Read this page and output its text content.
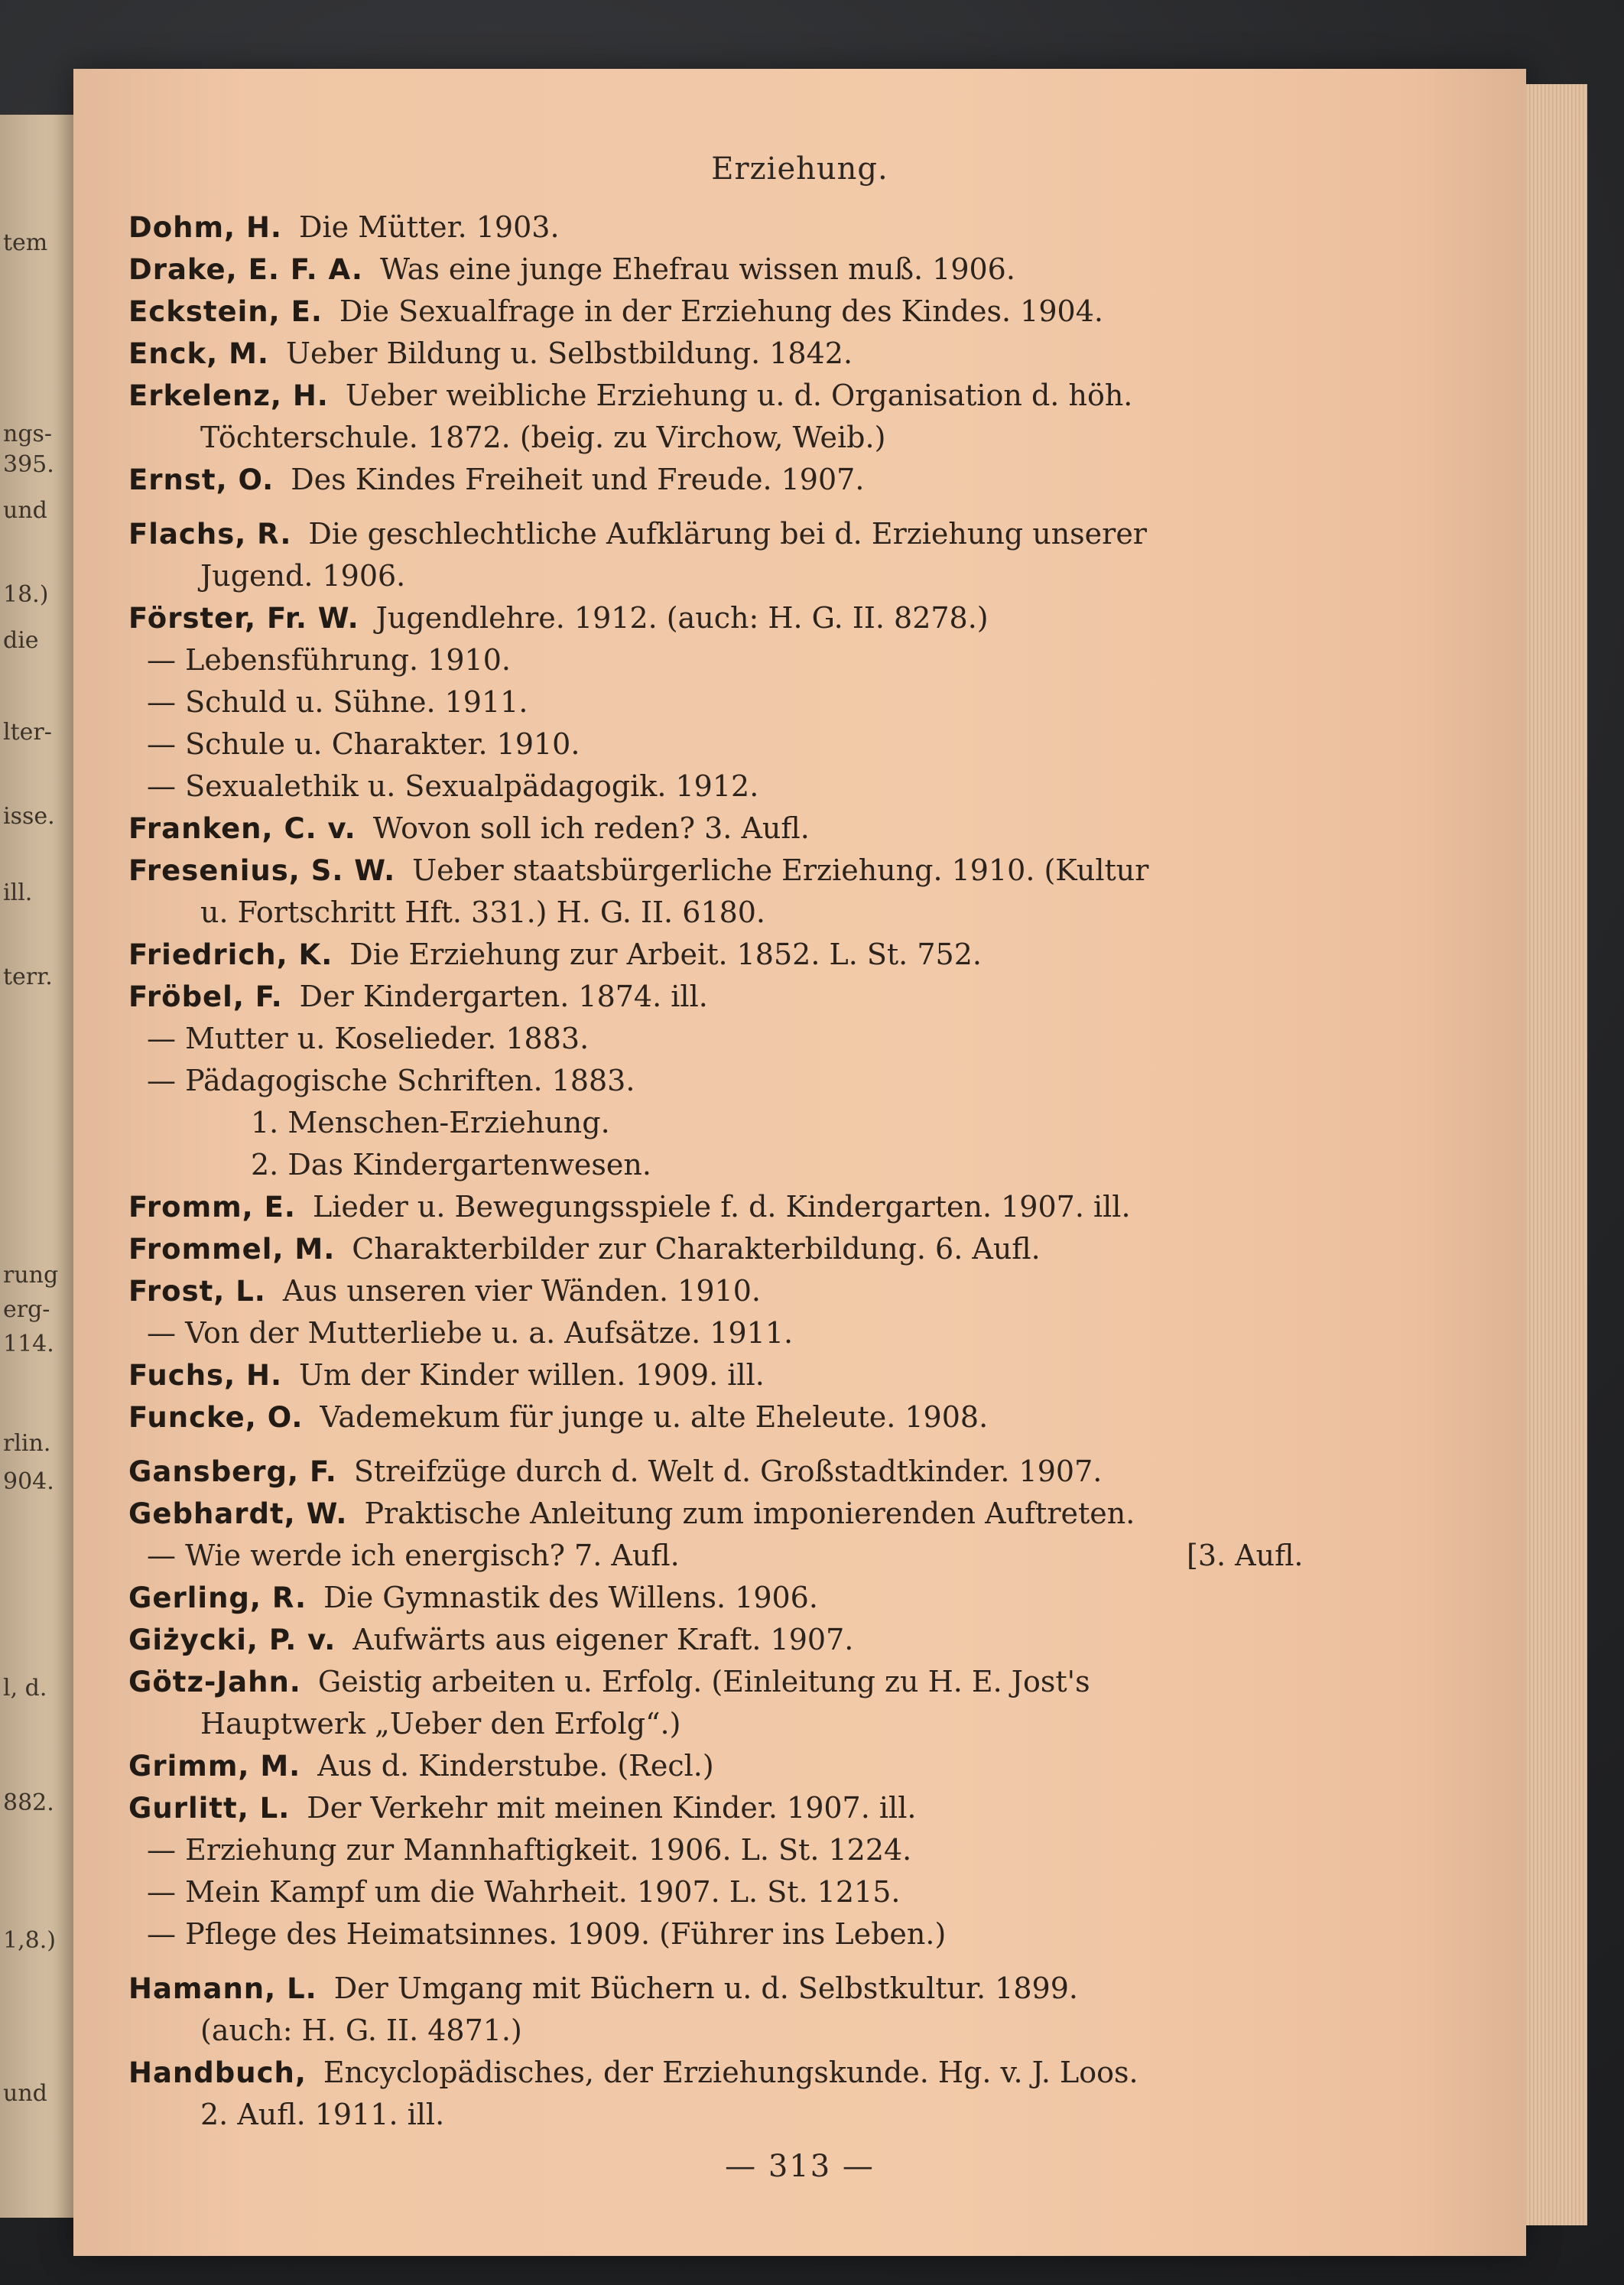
tem
ngs-
395.
und
18.)
die
lter-
isse.
ill.
terr.
rung
erg-
114.
rlin.
904.
l, d.
882.
1,8.)
und
Erziehung.
Dohm, H. Die Mütter. 1903.
Drake, E. F. A. Was eine junge Ehefrau wissen muß. 1906.
Eckstein, E. Die Sexualfrage in der Erziehung des Kindes. 1904.
Enck, M. Ueber Bildung u. Selbstbildung. 1842.
Erkelenz, H. Ueber weibliche Erziehung u. d. Organisation d. höh.
Töchterschule. 1872. (beig. zu Virchow, Weib.)
Ernst, O. Des Kindes Freiheit und Freude. 1907.
Flachs, R. Die geschlechtliche Aufklärung bei d. Erziehung unserer
Jugend. 1906.
Förster, Fr. W. Jugendlehre. 1912. (auch: H. G. II. 8278.)
— Lebensführung. 1910.
— Schuld u. Sühne. 1911.
— Schule u. Charakter. 1910.
— Sexualethik u. Sexualpädagogik. 1912.
Franken, C. v. Wovon soll ich reden? 3. Aufl.
Fresenius, S. W. Ueber staatsbürgerliche Erziehung. 1910. (Kultur
u. Fortschritt Hft. 331.) H. G. II. 6180.
Friedrich, K. Die Erziehung zur Arbeit. 1852. L. St. 752.
Fröbel, F. Der Kindergarten. 1874. ill.
— Mutter u. Koselieder. 1883.
— Pädagogische Schriften. 1883.
1. Menschen-Erziehung.
2. Das Kindergartenwesen.
Fromm, E. Lieder u. Bewegungsspiele f. d. Kindergarten. 1907. ill.
Frommel, M. Charakterbilder zur Charakterbildung. 6. Aufl.
Frost, L. Aus unseren vier Wänden. 1910.
— Von der Mutterliebe u. a. Aufsätze. 1911.
Fuchs, H. Um der Kinder willen. 1909. ill.
Funcke, O. Vademekum für junge u. alte Eheleute. 1908.
Gansberg, F. Streifzüge durch d. Welt d. Großstadtkinder. 1907.
Gebhardt, W. Praktische Anleitung zum imponierenden Auftreten.
— Wie werde ich energisch? 7. Aufl.	[3. Aufl.
Gerling, R. Die Gymnastik des Willens. 1906.
Giżycki, P. v. Aufwärts aus eigener Kraft. 1907.
Götz-Jahn. Geistig arbeiten u. Erfolg. (Einleitung zu H. E. Jost's
Hauptwerk „Ueber den Erfolg“.)
Grimm, M. Aus d. Kinderstube. (Recl.)
Gurlitt, L. Der Verkehr mit meinen Kinder. 1907. ill.
— Erziehung zur Mannhaftigkeit. 1906. L. St. 1224.
— Mein Kampf um die Wahrheit. 1907. L. St. 1215.
— Pflege des Heimatsinnes. 1909. (Führer ins Leben.)
Hamann, L. Der Umgang mit Büchern u. d. Selbstkultur. 1899.
(auch: H. G. II. 4871.)
Handbuch, Encyclopädisches, der Erziehungskunde. Hg. v. J. Loos.
2. Aufl. 1911. ill.
— 313 —
